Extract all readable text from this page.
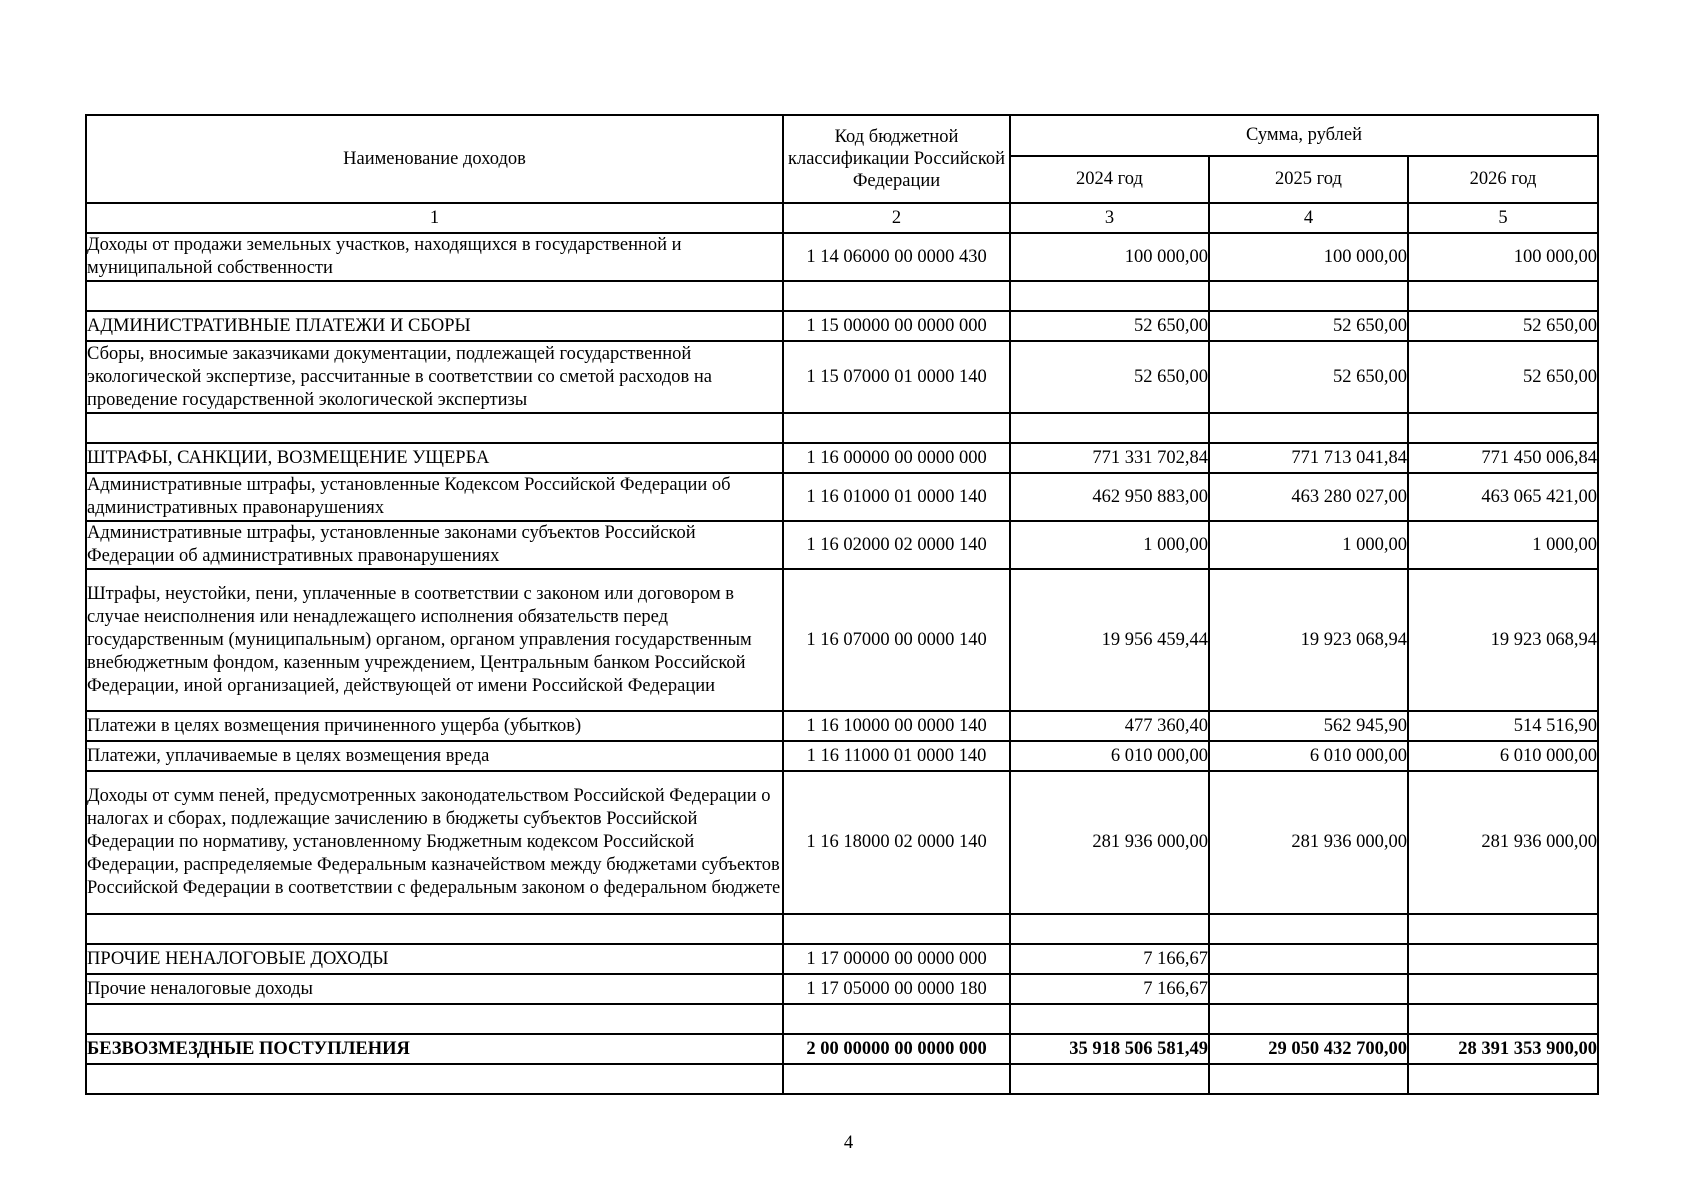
Наименование доходов	Код бюджетной классификации Российской Федерации	Сумма, рублей		
		2024 год	2025 год	2026 год
1	2	3	4	5
Доходы от продажи земельных участков, находящихся в государственной и муниципальной собственности	1 14 06000 00 0000 430	100 000,00	100 000,00	100 000,00

АДМИНИСТРАТИВНЫЕ ПЛАТЕЖИ И СБОРЫ	1 15 00000 00 0000 000	52 650,00	52 650,00	52 650,00
Сборы, вносимые заказчиками документации, подлежащей государственной экологической экспертизе, рассчитанные в соответствии со сметой расходов на проведение государственной экологической экспертизы	1 15 07000 01 0000 140	52 650,00	52 650,00	52 650,00

ШТРАФЫ, САНКЦИИ, ВОЗМЕЩЕНИЕ УЩЕРБА	1 16 00000 00 0000 000	771 331 702,84	771 713 041,84	771 450 006,84
Административные штрафы, установленные Кодексом Российской Федерации об административных правонарушениях	1 16 01000 01 0000 140	462 950 883,00	463 280 027,00	463 065 421,00
Административные штрафы, установленные законами субъектов Российской Федерации об административных правонарушениях	1 16 02000 02 0000 140	1 000,00	1 000,00	1 000,00
Штрафы, неустойки, пени, уплаченные в соответствии с законом или договором в случае неисполнения или ненадлежащего исполнения обязательств перед государственным (муниципальным) органом, органом управления государственным внебюджетным фондом, казенным учреждением, Центральным банком Российской Федерации, иной организацией, действующей от имени Российской Федерации	1 16 07000 00 0000 140	19 956 459,44	19 923 068,94	19 923 068,94
Платежи в целях возмещения причиненного ущерба (убытков)	1 16 10000 00 0000 140	477 360,40	562 945,90	514 516,90
Платежи, уплачиваемые в целях возмещения вреда	1 16 11000 01 0000 140	6 010 000,00	6 010 000,00	6 010 000,00
Доходы от сумм пеней, предусмотренных законодательством Российской Федерации о налогах и сборах, подлежащие зачислению в бюджеты субъектов Российской Федерации по нормативу, установленному Бюджетным кодексом Российской Федерации, распределяемые Федеральным казначейством между бюджетами субъектов Российской Федерации в соответствии с федеральным законом о федеральном бюджете	1 16 18000 02 0000 140	281 936 000,00	281 936 000,00	281 936 000,00

ПРОЧИЕ НЕНАЛОГОВЫЕ ДОХОДЫ	1 17 00000 00 0000 000	7 166,67		
Прочие неналоговые доходы	1 17 05000 00 0000 180	7 166,67		

БЕЗВОЗМЕЗДНЫЕ ПОСТУПЛЕНИЯ	2 00 00000 00 0000 000	35 918 506 581,49	29 050 432 700,00	28 391 353 900,00

4
